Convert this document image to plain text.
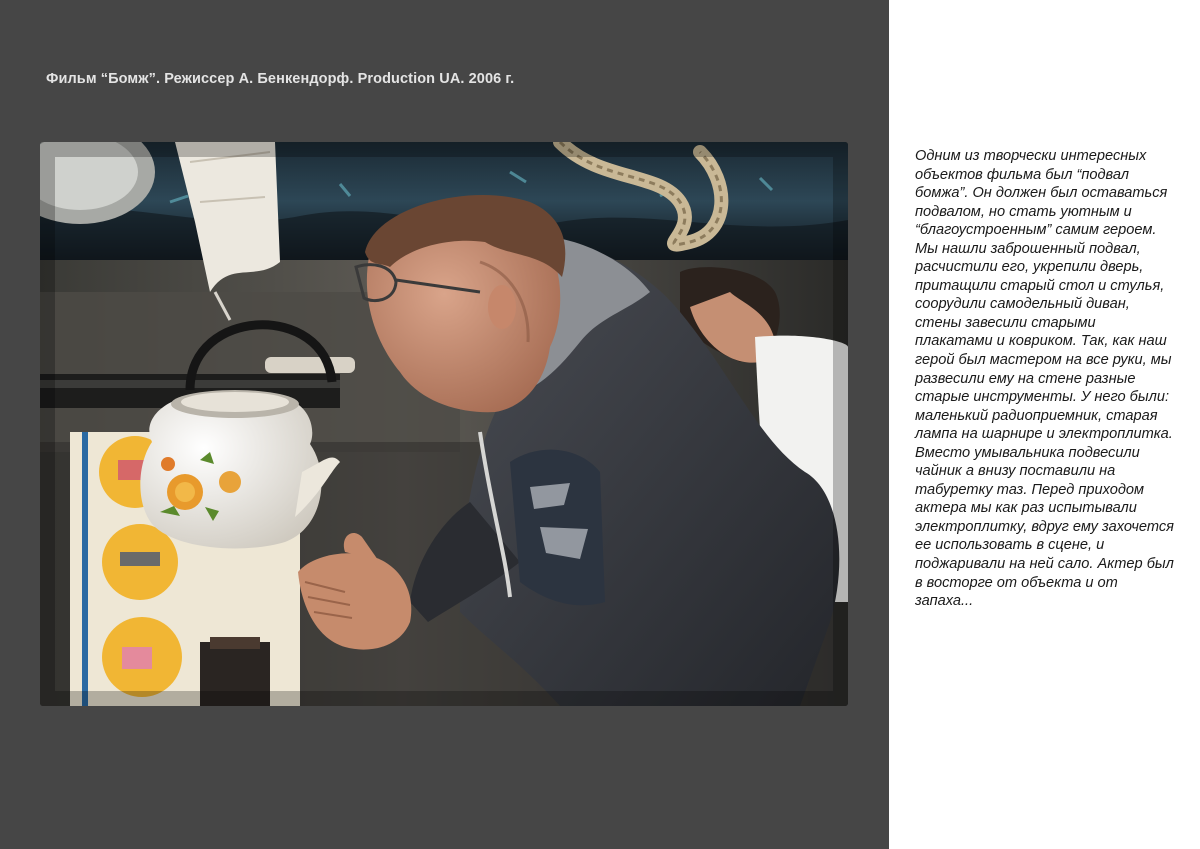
Фильм “Бомж”. Режиссер А. Бенкендорф. Production UA. 2006 г.

Одним из творчески интересных объектов фильма был “подвал бомжа”. Он должен был оставаться подвалом, но стать уютным и “благоустроенным” самим героем. Мы нашли заброшенный подвал, расчистили его, укрепили дверь, притащили старый стол и стулья, соорудили самодельный диван, стены завесили старыми плакатами и ковриком. Так, как наш герой был мастером на все руки, мы развесили ему на стене разные старые инструменты. У него были: маленький радиоприемник, старая лампа на шарнире и электроплитка. Вместо умывальника подвесили чайник а внизу поставили на табуретку таз. Перед приходом актера мы как раз испытывали электроплитку, вдруг ему захочется ее использовать в сцене, и поджаривали на ней сало. Актер был в восторге от объекта и от запаха...
